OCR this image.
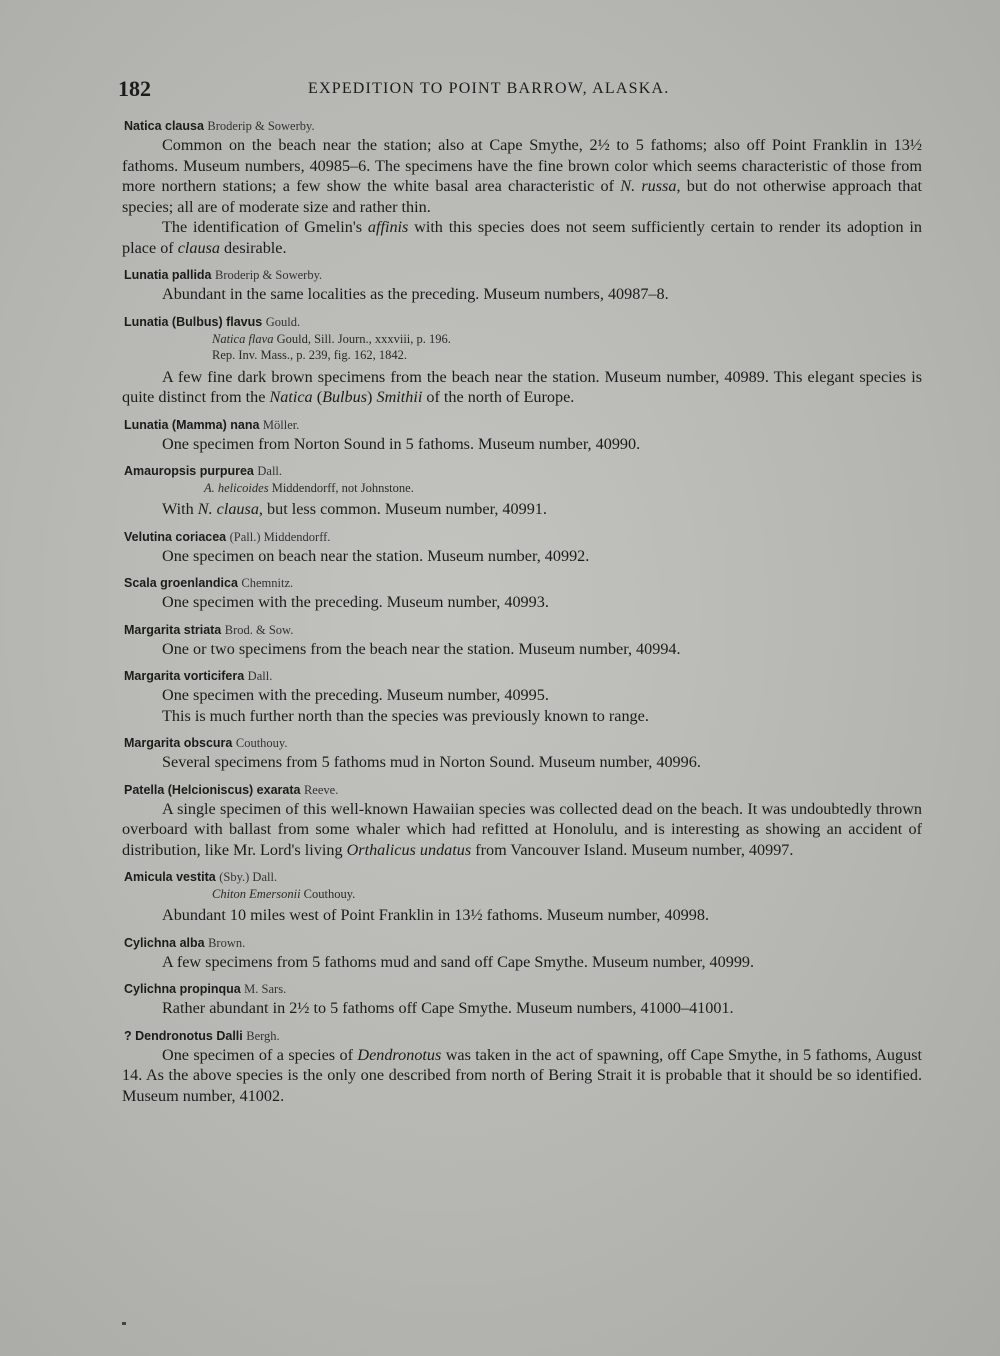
182	EXPEDITION TO POINT BARROW, ALASKA.
Natica clausa Broderip & Sowerby.

Common on the beach near the station; also at Cape Smythe, 2½ to 5 fathoms; also off Point Franklin in 13½ fathoms. Museum numbers, 40985–6. The specimens have the fine brown color which seems characteristic of those from more northern stations; a few show the white basal area characteristic of N. russa, but do not otherwise approach that species; all are of moderate size and rather thin.

The identification of Gmelin's affinis with this species does not seem sufficiently certain to render its adoption in place of clausa desirable.

Lunatia pallida Broderip & Sowerby.

Abundant in the same localities as the preceding. Museum numbers, 40987–8.

Lunatia (Bulbus) flavus Gould.
Natica flava Gould, Sill. Journ., xxxviii, p. 196.
Rep. Inv. Mass., p. 239, fig. 162, 1842.

A few fine dark brown specimens from the beach near the station. Museum number, 40989. This elegant species is quite distinct from the Natica (Bulbus) Smithii of the north of Europe.

Lunatia (Mamma) nana Möller.

One specimen from Norton Sound in 5 fathoms. Museum number, 40990.

Amauropsis purpurea Dall.
A. helicoides Middendorff, not Johnstone.

With N. clausa, but less common. Museum number, 40991.

Velutina coriacea (Pall.) Middendorff.

One specimen on beach near the station. Museum number, 40992.

Scala groenlandica Chemnitz.

One specimen with the preceding. Museum number, 40993.

Margarita striata Brod. & Sow.

One or two specimens from the beach near the station. Museum number, 40994.

Margarita vorticifera Dall.

One specimen with the preceding. Museum number, 40995.

This is much further north than the species was previously known to range.

Margarita obscura Couthouy.

Several specimens from 5 fathoms mud in Norton Sound. Museum number, 40996.

Patella (Helcioniscus) exarata Reeve.

A single specimen of this well-known Hawaiian species was collected dead on the beach. It was undoubtedly thrown overboard with ballast from some whaler which had refitted at Honolulu, and is interesting as showing an accident of distribution, like Mr. Lord's living Orthalicus undatus from Vancouver Island. Museum number, 40997.

Amicula vestita (Sby.) Dall.
Chiton Emersonii Couthouy.

Abundant 10 miles west of Point Franklin in 13½ fathoms. Museum number, 40998.

Cylichna alba Brown.

A few specimens from 5 fathoms mud and sand off Cape Smythe. Museum number, 40999.

Cylichna propinqua M. Sars.

Rather abundant in 2½ to 5 fathoms off Cape Smythe. Museum numbers, 41000–41001.

? Dendronotus Dalli Bergh.

One specimen of a species of Dendronotus was taken in the act of spawning, off Cape Smythe, in 5 fathoms, August 14. As the above species is the only one described from north of Bering Strait it is probable that it should be so identified. Museum number, 41002.
